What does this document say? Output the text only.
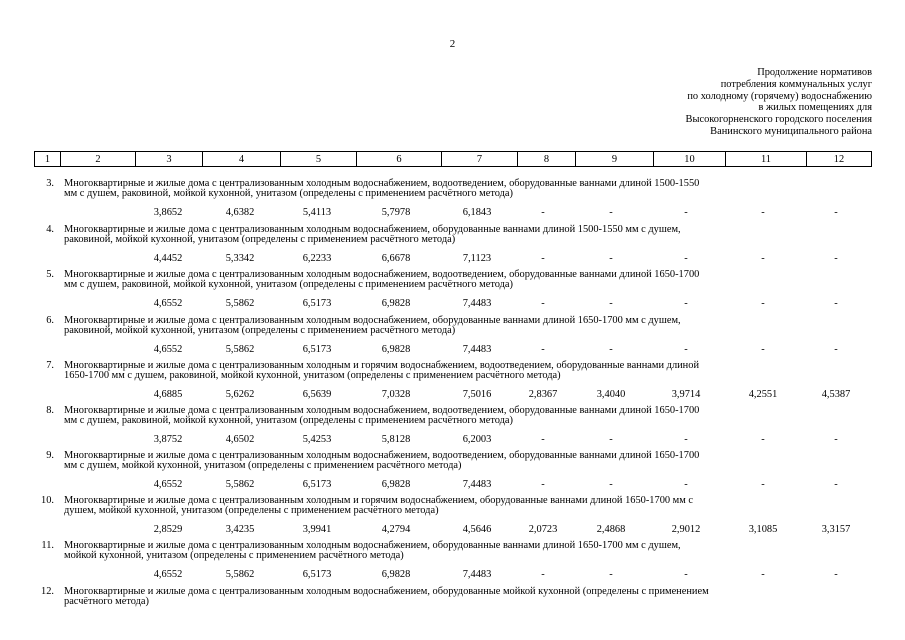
2
Продолжение нормативов
потребления коммунальных услуг
по холодному (горячему) водоснабжению
в жилых помещениях для
Высокогорненского городского поселения
Ванинского муниципального района
1	2	3	4	5	6	7	8	9	10	11	12
3. Многоквартирные и жилые дома с централизованным холодным водоснабжением, водоотведением, оборудованные ваннами длиной 1500-1550
мм с душем, раковиной, мойкой кухонной, унитазом (определены с применением расчётного метода)
3,8652	4,6382	5,4113	5,7978	6,1843	-	-	-	-	-
4. Многоквартирные и жилые дома с централизованным холодным водоснабжением, оборудованные ваннами длиной 1500-1550 мм с душем,
раковиной, мойкой кухонной, унитазом (определены с применением расчётного метода)
4,4452	5,3342	6,2233	6,6678	7,1123	-	-	-	-	-
5. Многоквартирные и жилые дома с централизованным холодным водоснабжением, водоотведением, оборудованные ваннами длиной 1650-1700
мм с душем, раковиной, мойкой кухонной, унитазом (определены с применением расчётного метода)
4,6552	5,5862	6,5173	6,9828	7,4483	-	-	-	-	-
6. Многоквартирные и жилые дома с централизованным холодным водоснабжением, оборудованные ваннами длиной 1650-1700 мм с душем,
раковиной, мойкой кухонной, унитазом (определены с применением расчётного метода)
4,6552	5,5862	6,5173	6,9828	7,4483	-	-	-	-	-
7. Многоквартирные и жилые дома с централизованным холодным и горячим водоснабжением, водоотведением, оборудованные ваннами длиной
1650-1700 мм с душем, раковиной, мойкой кухонной, унитазом (определены с применением расчётного метода)
4,6885	5,6262	6,5639	7,0328	7,5016	2,8367	3,4040	3,9714	4,2551	4,5387
8. Многоквартирные и жилые дома с централизованным холодным водоснабжением, водоотведением, оборудованные ваннами длиной 1650-1700
мм с душем, раковиной, мойкой кухонной, унитазом (определены с применением расчётного метода)
3,8752	4,6502	5,4253	5,8128	6,2003	-	-	-	-	-
9. Многоквартирные и жилые дома с централизованным холодным водоснабжением, водоотведением, оборудованные ваннами длиной 1650-1700
мм с душем, мойкой кухонной, унитазом (определены с применением расчётного метода)
4,6552	5,5862	6,5173	6,9828	7,4483	-	-	-	-	-
10. Многоквартирные и жилые дома с централизованным холодным и горячим водоснабжением, оборудованные ваннами длиной 1650-1700 мм с
душем, мойкой кухонной, унитазом (определены с применением расчётного метода)
2,8529	3,4235	3,9941	4,2794	4,5646	2,0723	2,4868	2,9012	3,1085	3,3157
11. Многоквартирные и жилые дома с централизованным холодным водоснабжением, оборудованные ваннами длиной 1650-1700 мм с душем,
мойкой кухонной, унитазом (определены с применением расчётного метода)
4,6552	5,5862	6,5173	6,9828	7,4483	-	-	-	-	-
12. Многоквартирные и жилые дома с централизованным холодным водоснабжением, оборудованные мойкой кухонной (определены с применением
расчётного метода)
